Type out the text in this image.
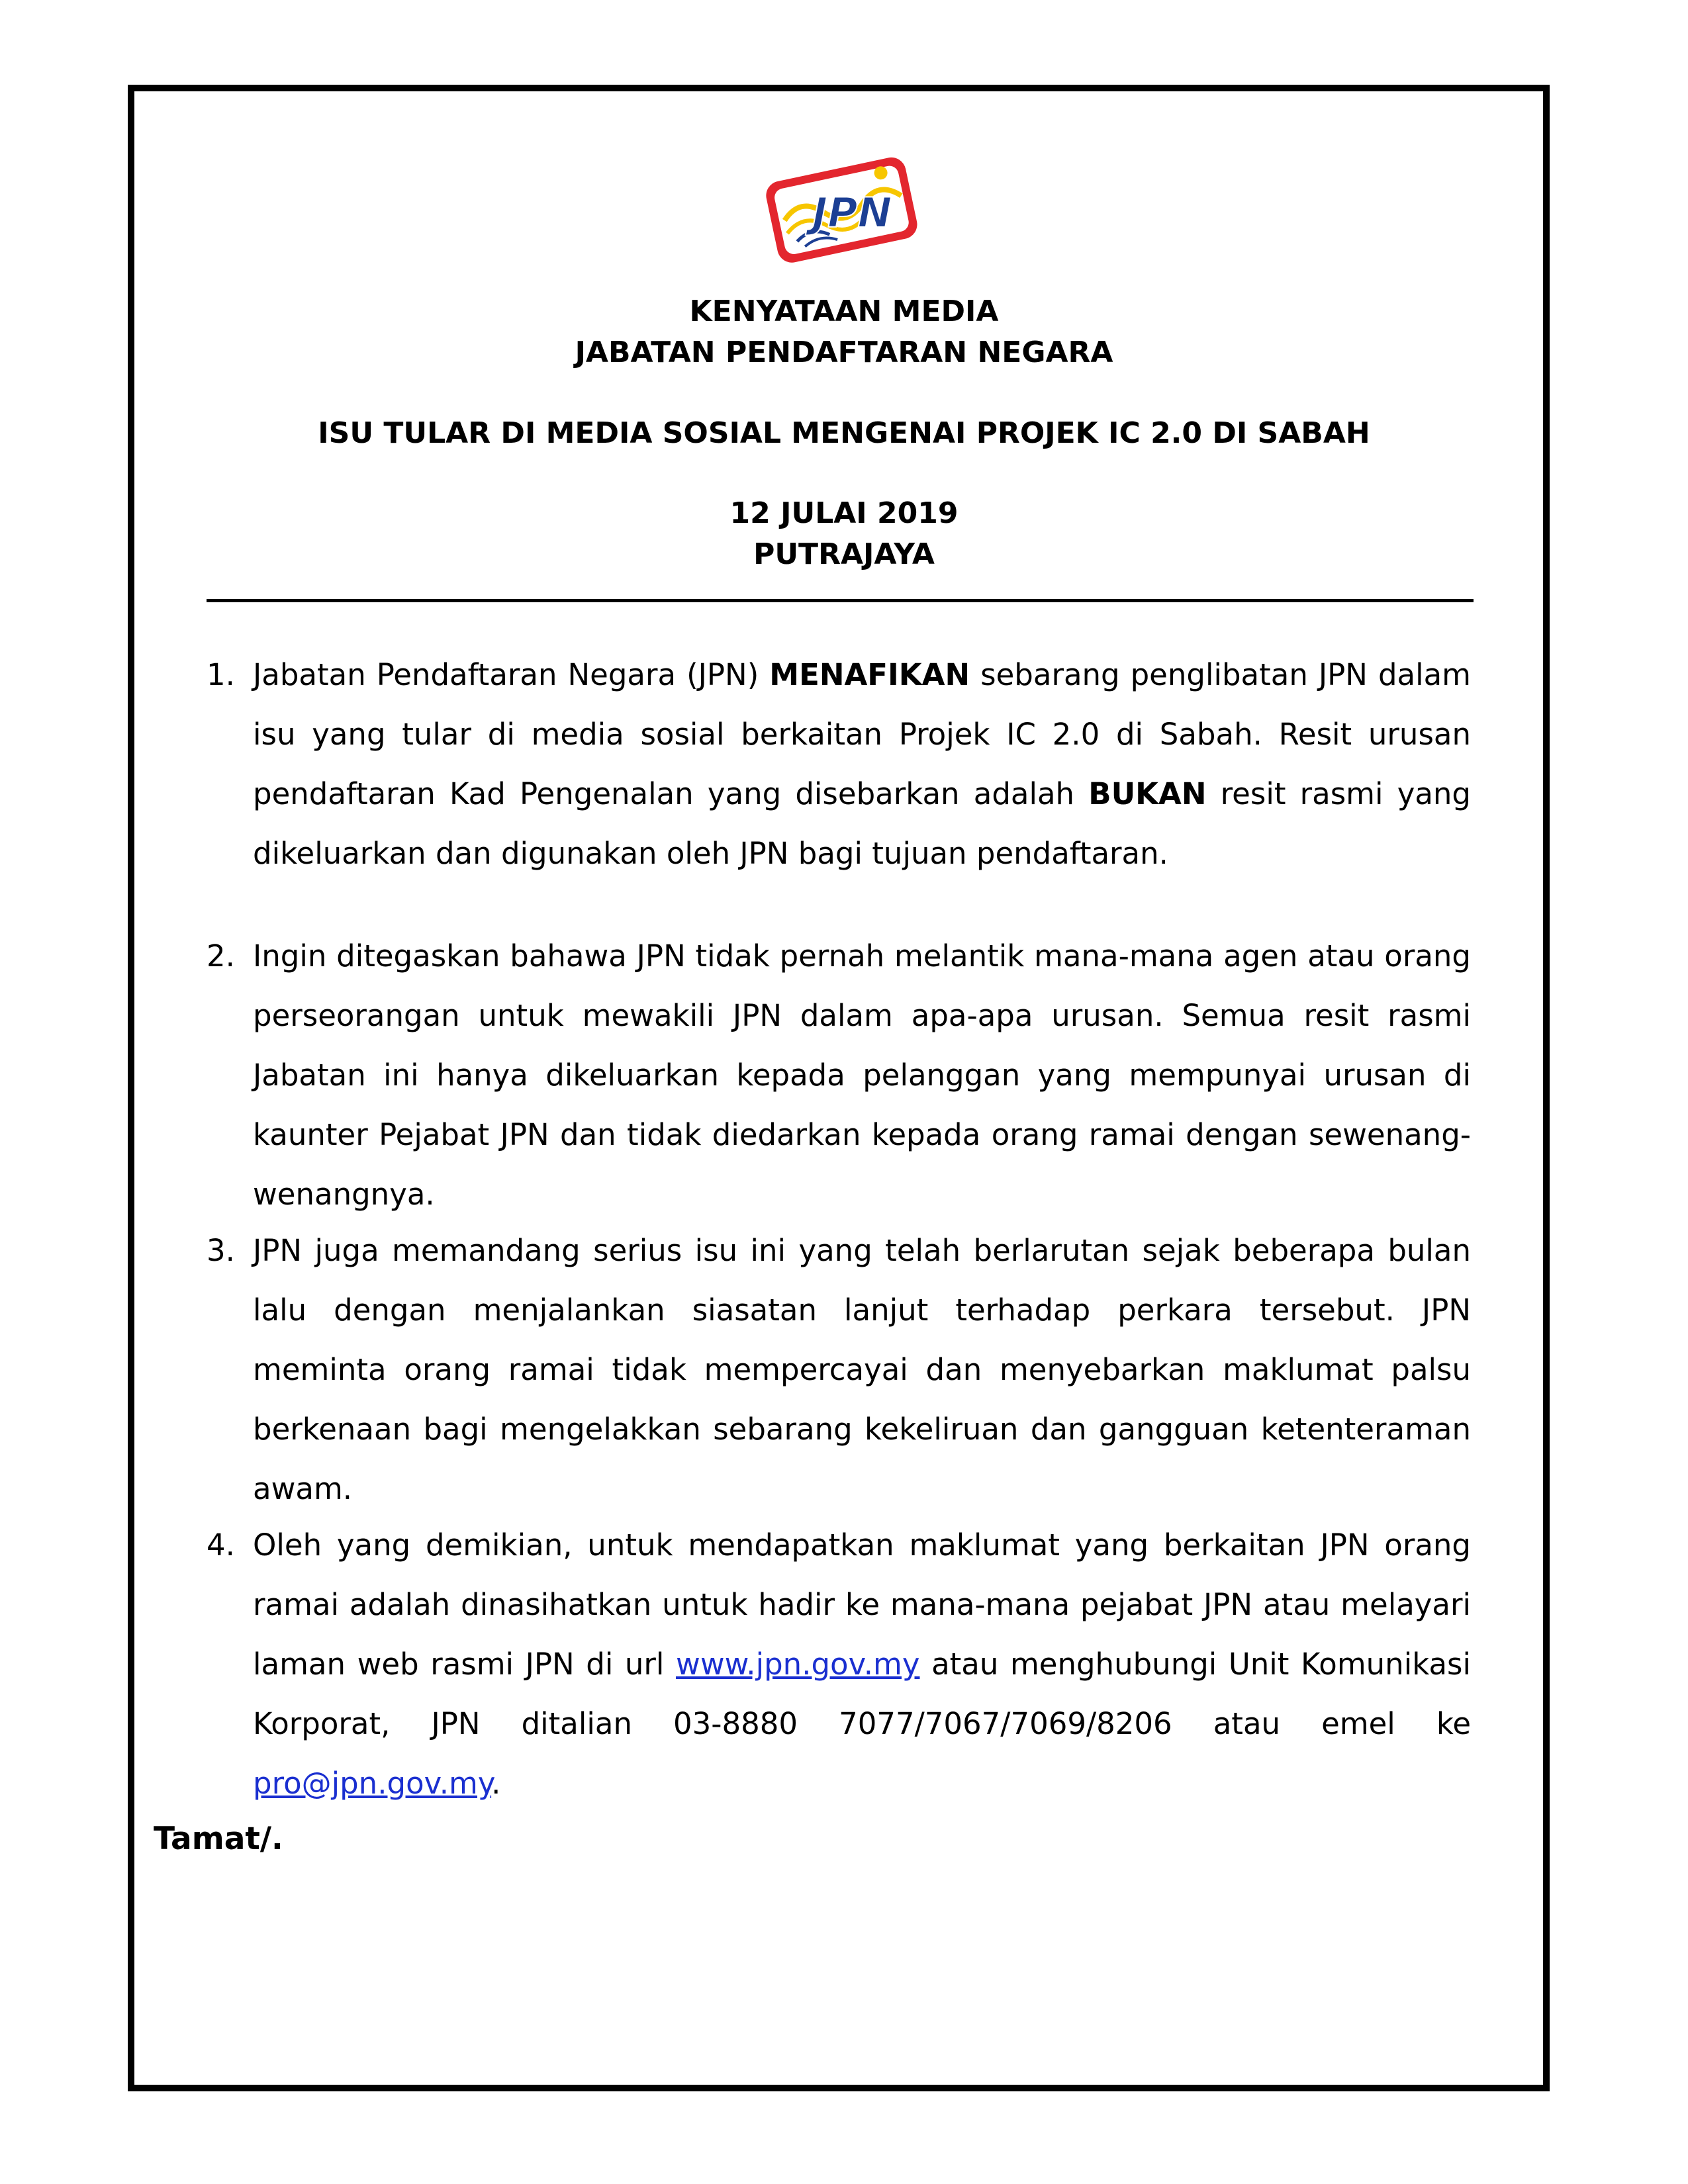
JPN
KENYATAAN MEDIA
JABATAN PENDAFTARAN NEGARA
ISU TULAR DI MEDIA SOSIAL MENGENAI PROJEK IC 2.0 DI SABAH
12 JULAI 2019
PUTRAJAYA
1. Jabatan Pendaftaran Negara (JPN) MENAFIKAN sebarang penglibatan JPN dalam isu yang tular di media sosial berkaitan Projek IC 2.0 di Sabah. Resit urusan pendaftaran Kad Pengenalan yang disebarkan adalah BUKAN resit rasmi yang dikeluarkan dan digunakan oleh JPN bagi tujuan pendaftaran.
2. Ingin ditegaskan bahawa JPN tidak pernah melantik mana-mana agen atau orang perseorangan untuk mewakili JPN dalam apa-apa urusan. Semua resit rasmi Jabatan ini hanya dikeluarkan kepada pelanggan yang mempunyai urusan di kaunter Pejabat JPN dan tidak diedarkan kepada orang ramai dengan sewenang-wenangnya.
3. JPN juga memandang serius isu ini yang telah berlarutan sejak beberapa bulan lalu dengan menjalankan siasatan lanjut terhadap perkara tersebut. JPN meminta orang ramai tidak mempercayai dan menyebarkan maklumat palsu berkenaan bagi mengelakkan sebarang kekeliruan dan gangguan ketenteraman awam.
4. Oleh yang demikian, untuk mendapatkan maklumat yang berkaitan JPN orang ramai adalah dinasihatkan untuk hadir ke mana-mana pejabat JPN atau melayari laman web rasmi JPN di url www.jpn.gov.my atau menghubungi Unit Komunikasi Korporat, JPN ditalian 03-8880 7077/7067/7069/8206 atau emel ke pro@jpn.gov.my.
Tamat/.
